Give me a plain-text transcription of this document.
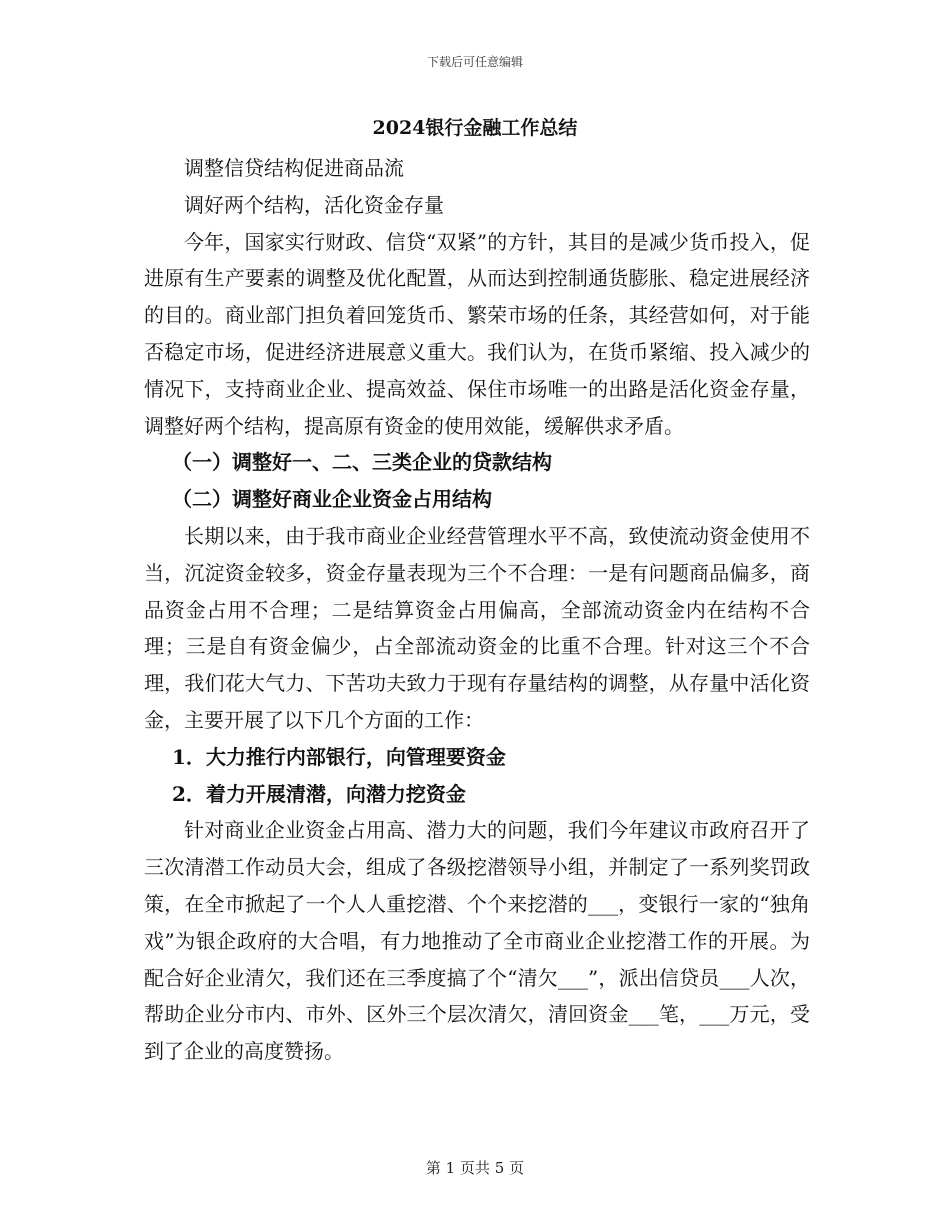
下载后可任意编辑
2024银行金融工作总结

调整信贷结构促进商品流

调好两个结构，活化资金存量

今年，国家实行财政、信贷“双紧”的方针，其目的是减少货币投入，促进原有生产要素的调整及优化配置，从而达到控制通货膨胀、稳定进展经济的目的。商业部门担负着回笼货币、繁荣市场的任条，其经营如何，对于能否稳定市场，促进经济进展意义重大。我们认为，在货币紧缩、投入减少的情况下，支持商业企业、提高效益、保住市场唯一的出路是活化资金存量，调整好两个结构，提高原有资金的使用效能，缓解供求矛盾。

（一）调整好一、二、三类企业的贷款结构

（二）调整好商业企业资金占用结构

长期以来，由于我市商业企业经营管理水平不高，致使流动资金使用不当，沉淀资金较多，资金存量表现为三个不合理：一是有问题商品偏多，商品资金占用不合理；二是结算资金占用偏高，全部流动资金内在结构不合理；三是自有资金偏少，占全部流动资金的比重不合理。针对这三个不合理，我们花大气力、下苦功夫致力于现有存量结构的调整，从存量中活化资金，主要开展了以下几个方面的工作：

1．大力推行内部银行，向管理要资金

2．着力开展清潜，向潜力挖资金

针对商业企业资金占用高、潜力大的问题，我们今年建议市政府召开了三次清潜工作动员大会，组成了各级挖潜领导小组，并制定了一系列奖罚政策，在全市掀起了一个人人重挖潜、个个来挖潜的___，变银行一家的“独角戏”为银企政府的大合唱，有力地推动了全市商业企业挖潜工作的开展。为配合好企业清欠，我们还在三季度搞了个“清欠___”，派出信贷员___人次，帮助企业分市内、市外、区外三个层次清欠，清回资金___笔，___万元，受到了企业的高度赞扬。

第 1 页共 5 页
